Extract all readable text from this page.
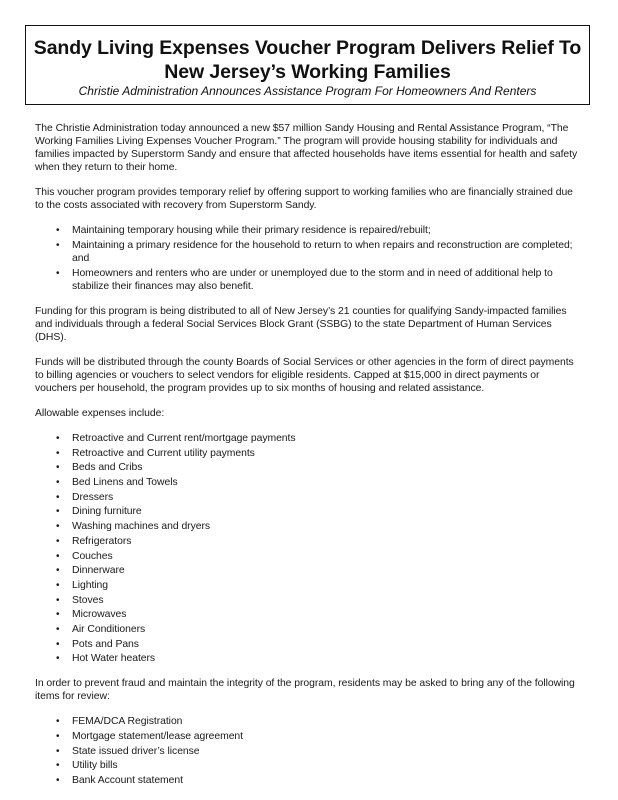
Sandy Living Expenses Voucher Program Delivers Relief To New Jersey’s Working Families
Christie Administration Announces Assistance Program For Homeowners And Renters

The Christie Administration today announced a new $57 million Sandy Housing and Rental Assistance Program, “The Working Families Living Expenses Voucher Program.” The program will provide housing stability for individuals and families impacted by Superstorm Sandy and ensure that affected households have items essential for health and safety when they return to their home.

This voucher program provides temporary relief by offering support to working families who are financially strained due to the costs associated with recovery from Superstorm Sandy.

• Maintaining temporary housing while their primary residence is repaired/rebuilt;
• Maintaining a primary residence for the household to return to when repairs and reconstruction are completed; and
• Homeowners and renters who are under or unemployed due to the storm and in need of additional help to stabilize their finances may also benefit.

Funding for this program is being distributed to all of New Jersey’s 21 counties for qualifying Sandy-impacted families and individuals through a federal Social Services Block Grant (SSBG) to the state Department of Human Services (DHS).

Funds will be distributed through the county Boards of Social Services or other agencies in the form of direct payments to billing agencies or vouchers to select vendors for eligible residents. Capped at $15,000 in direct payments or vouchers per household, the program provides up to six months of housing and related assistance.

Allowable expenses include:

• Retroactive and Current rent/mortgage payments
• Retroactive and Current utility payments
• Beds and Cribs
• Bed Linens and Towels
• Dressers
• Dining furniture
• Washing machines and dryers
• Refrigerators
• Couches
• Dinnerware
• Lighting
• Stoves
• Microwaves
• Air Conditioners
• Pots and Pans
• Hot Water heaters

In order to prevent fraud and maintain the integrity of the program, residents may be asked to bring any of the following items for review:

• FEMA/DCA Registration
• Mortgage statement/lease agreement
• State issued driver’s license
• Utility bills
• Bank Account statement
